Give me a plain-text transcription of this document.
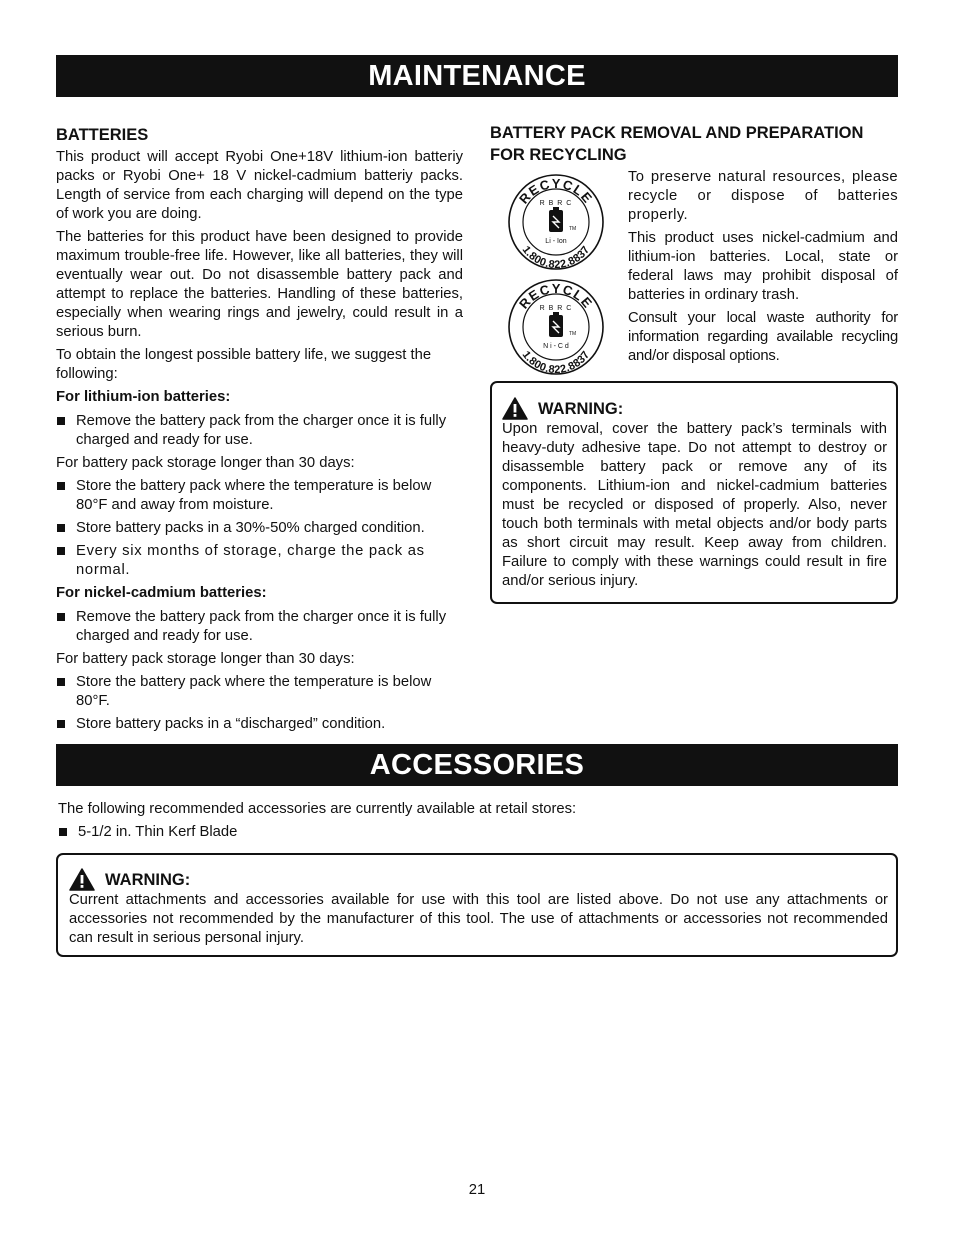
MAINTENANCE
BATTERIES

This product will accept Ryobi One+18V lithium-ion batteriy packs or Ryobi One+ 18 V nickel-cadmium batteriy packs. Length of service from each charging will depend on the type of work you are doing.

The batteries for this product have been designed to provide maximum trouble-free life. However, like all batteries, they will eventually wear out. Do not disassemble battery pack and attempt to replace the batteries. Handling of these batteries, especially when wearing rings and jewelry, could result in a serious burn.

To obtain the longest possible battery life, we suggest the following:

For lithium-ion batteries:
Remove the battery pack from the charger once it is fully charged and ready for use.

For battery pack storage longer than 30 days:

Store the battery pack where the temperature is below 80°F and away from moisture.
Store battery packs in a 30%-50% charged condition.
Every six months of storage, charge the pack as normal.
For nickel-cadmium batteries:
Remove the battery pack from the charger once it is fully charged and ready for use.

For battery pack storage longer than 30 days:

Store the battery pack where the temperature is below 80°F.
Store battery packs in a “discharged” condition.
BATTERY PACK REMOVAL AND PREPARATION FOR RECYCLING
RECYCLE
R B R C
TM
Li - Ion
1.800.822.8837
RECYCLE
R B R C
TM
N i - C d
1.800.822.8837

To preserve natural resources, please recycle or dispose of batteries properly.

This product uses nickel-cadmium and lithium-ion batteries. Local, state or federal laws may prohibit disposal of batteries in ordinary trash.

Consult your local waste authority for information regarding available recycling and/or disposal options.

WARNING:
Upon removal, cover the battery pack’s terminals with heavy-duty adhesive tape. Do not attempt to destroy or disassemble battery pack or remove any of its components. Lithium-ion and nickel-cadmium batteries must be recycled or disposed of properly. Also, never touch both terminals with metal objects and/or body parts as short circuit may result. Keep away from children. Failure to comply with these warnings could result in fire and/or serious injury.
ACCESSORIES

The following recommended accessories are currently available at retail stores:

5-1/2 in. Thin Kerf Blade
WARNING:
Current attachments and accessories available for use with this tool are listed above. Do not use any attachments or accessories not recommended by the manufacturer of this tool. The use of attachments or accessories not recommended can result in serious personal injury.
21
